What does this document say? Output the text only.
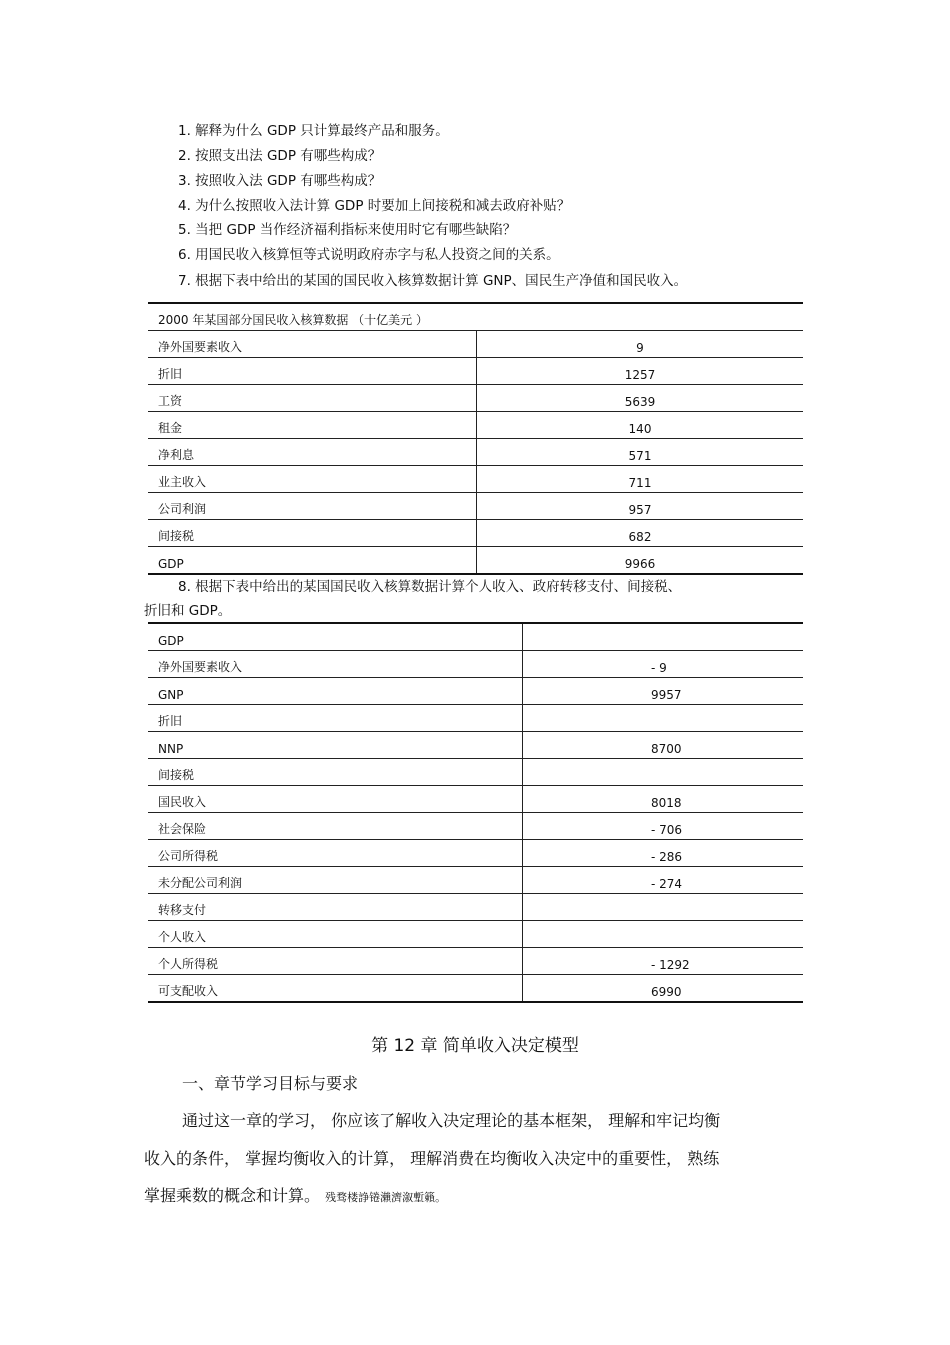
1. 解释为什么 GDP 只计算最终产品和服务。
2. 按照支出法 GDP 有哪些构成？
3. 按照收入法 GDP 有哪些构成？
4. 为什么按照收入法计算 GDP 时要加上间接税和减去政府补贴？
5. 当把 GDP 当作经济福利指标来使用时它有哪些缺陷？
6. 用国民收入核算恒等式说明政府赤字与私人投资之间的关系。
7. 根据下表中给出的某国的国民收入核算数据计算 GNP、国民生产净值和国民收入。
2000 年某国部分国民收入核算数据 （十亿美元 ）	
净外国要素收入	9
折旧	1257
工资	5639
租金	140
净利息	571
业主收入	711
公司利润	957
间接税	682
GDP	9966
8. 根据下表中给出的某国国民收入核算数据计算个人收入、政府转移支付、间接税、
折旧和 GDP。
GDP	
净外国要素收入	- 9
GNP	9957
折旧	
NNP	8700
间接税	
国民收入	8018
社会保险	- 706
公司所得税	- 286
未分配公司利润	- 274
转移支付	
个人收入	
个人所得税	- 1292
可支配收入	6990
第 12 章 简单收入决定模型
一、章节学习目标与要求
通过这一章的学习， 你应该了解收入决定理论的基本框架， 理解和牢记均衡
收入的条件， 掌握均衡收入的计算， 理解消费在均衡收入决定中的重要性， 熟练
掌握乘数的概念和计算。 残骛楼諍锩瀨濟溆塹籟。
